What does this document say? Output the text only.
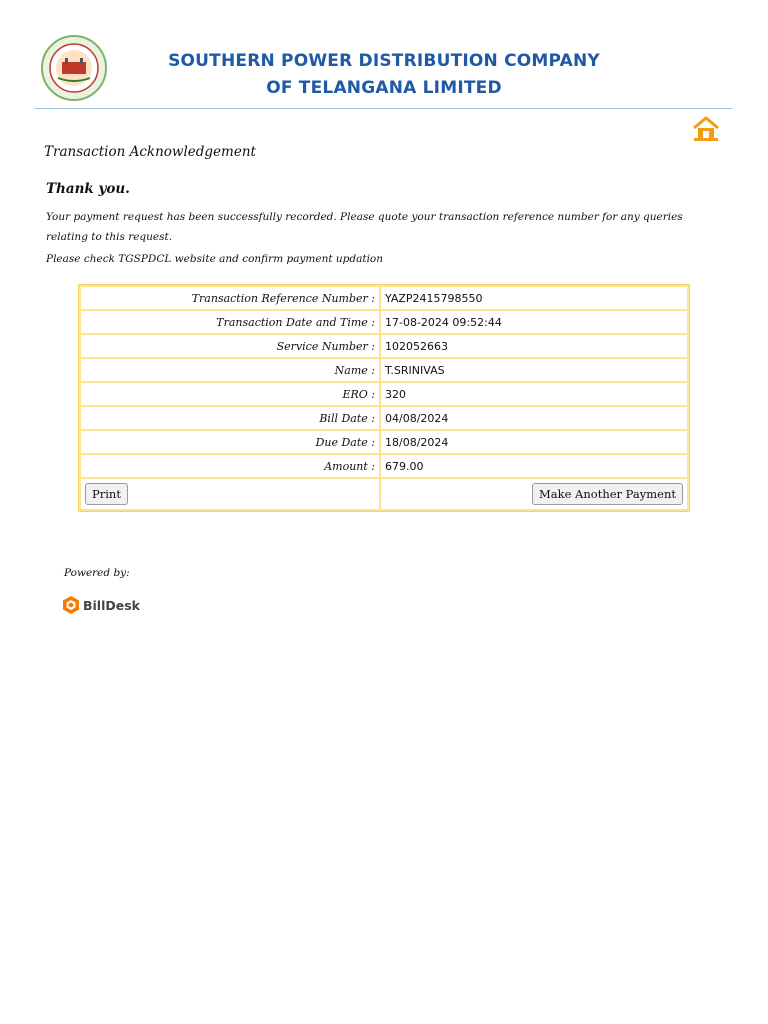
SOUTHERN POWER DISTRIBUTION COMPANY
OF TELANGANA LIMITED
Transaction Acknowledgement
Thank you.
Your payment request has been successfully recorded. Please quote your transaction reference number for any queries relating to this request.
Please check TGSPDCL website and confirm payment updation
Transaction Reference Number :	YAZP2415798550
Transaction Date and Time :	17-08-2024 09:52:44
Service Number :	102052663
Name :	T.SRINIVAS
ERO :	320
Bill Date :	04/08/2024
Due Date :	18/08/2024
Amount :	679.00
Print	Make Another Payment
Powered by:
BillDesk
